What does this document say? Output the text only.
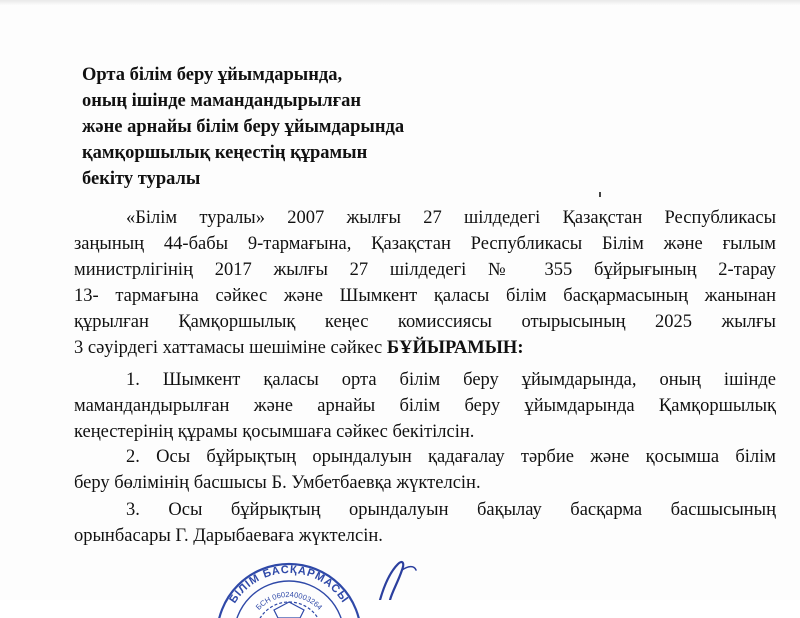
Орта білім беру ұйымдарында,
оның ішінде мамандандырылған
және арнайы білім беру ұйымдарында
қамқоршылық кеңестің құрамын
бекіту туралы
«Білім туралы» 2007 жылғы 27 шілдедегі Қазақстан Республикасы
заңының 44-бабы 9-тармағына, Қазақстан Республикасы Білім және ғылым
министрлігінің 2017 жылғы 27 шілдедегі № 355 бұйрығының 2-тарау
13- тармағына сәйкес және Шымкент қаласы білім басқармасының жанынан
құрылған Қамқоршылық кеңес комиссиясы отырысының 2025 жылғы
3 сәуірдегі хаттамасы шешіміне сәйкес БҰЙЫРАМЫН:
1. Шымкент қаласы орта білім беру ұйымдарында, оның ішінде
мамандандырылған және арнайы білім беру ұйымдарында Қамқоршылық
кеңестерінің құрамы қосымшаға сәйкес бекітілсін.
2. Осы бұйрықтың орындалуын қадағалау тәрбие және қосымша білім
беру бөлімінің басшысы Б. Умбетбаевқа жүктелсін.
3. Осы бұйрықтың орындалуын бақылау басқарма басшысының
орынбасары Г. Дарыбаеваға жүктелсін.
БІЛІМ БАСҚАРМАСЫ
БСН 060240003264
